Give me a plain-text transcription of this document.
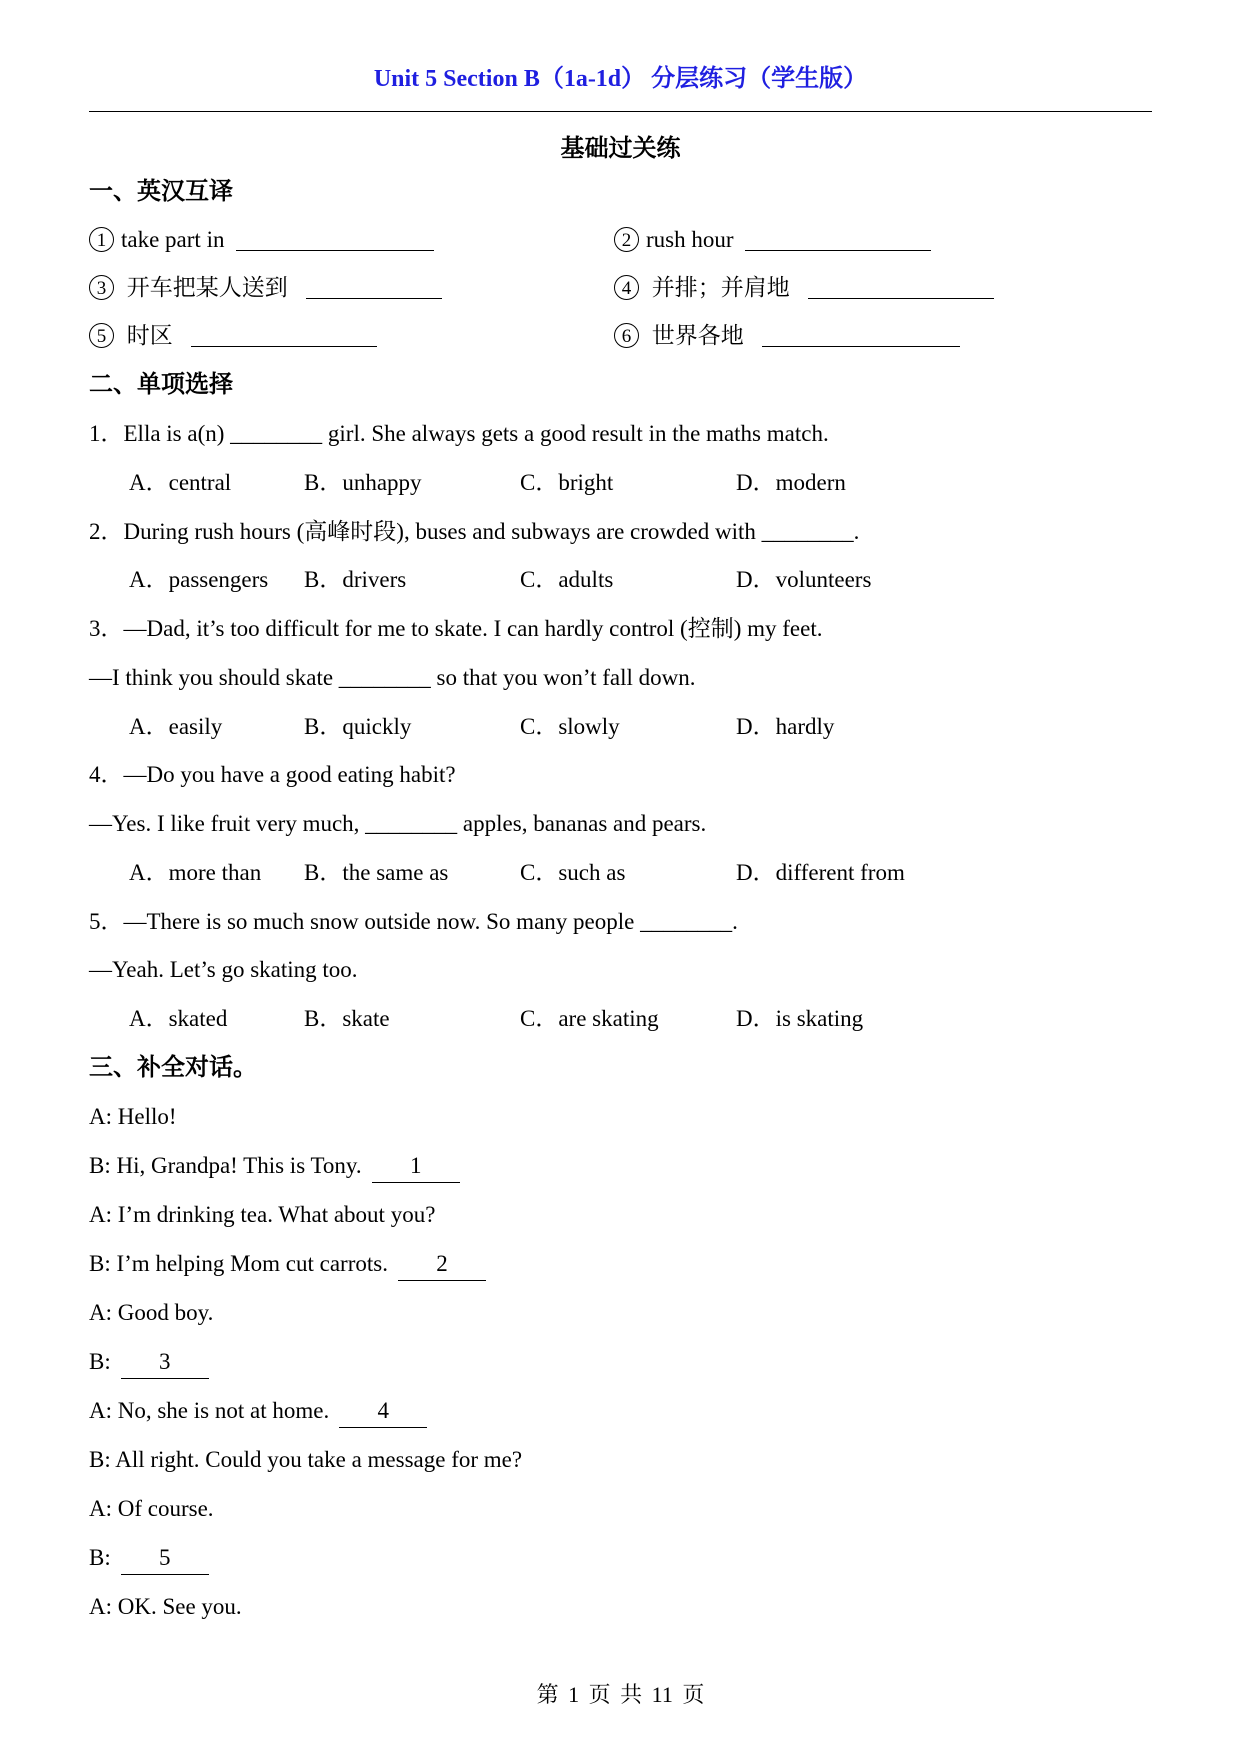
Unit 5 Section B（1a-1d） 分层练习（学生版）
基础过关练
一、英汉互译
1 take part in	2 rush hour
3 开车把某人送到	4 并排；并肩地
5 时区	6 世界各地
二、单项选择
1．Ella is a(n) ________ girl. She always gets a good result in the maths match.
A．central	B．unhappy	C．bright	D．modern
2．During rush hours (高峰时段), buses and subways are crowded with ________.
A．passengers B．drivers	C．adults	D．volunteers
3．—Dad, it’s too difficult for me to skate. I can hardly control (控制) my feet.
—I think you should skate ________ so that you won’t fall down.
A．easily	B．quickly	C．slowly	D．hardly
4．—Do you have a good eating habit?
—Yes. I like fruit very much, ________ apples, bananas and pears.
A．more than B．the same as	C．such as	D．different from
5．—There is so much snow outside now. So many people ________.
—Yeah. Let’s go skating too.
A．skated	B．skate	C．are skating	D．is skating
三、补全对话。
A: Hello!
B: Hi, Grandpa! This is Tony. 1
A: I’m drinking tea. What about you?
B: I’m helping Mom cut carrots. 2
A: Good boy.
B: 3
A: No, she is not at home. 4
B: All right. Could you take a message for me?
A: Of course.
B: 5
A: OK. See you.
第 1 页 共 11 页
